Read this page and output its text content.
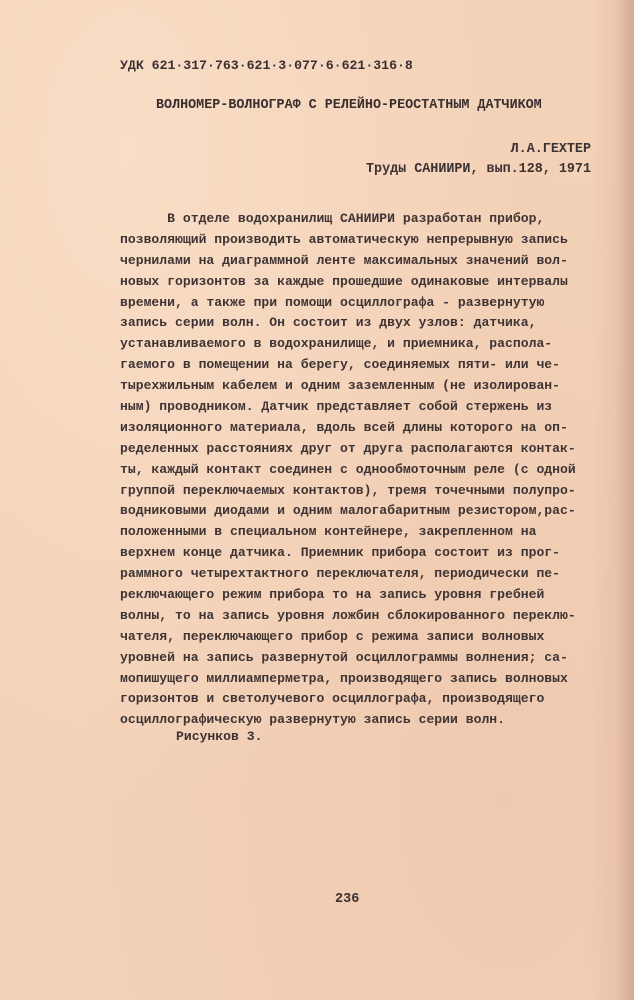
УДК 621·317·763·621·3·077·6·621·316·8
ВОЛНОМЕР-ВОЛНОГРАФ С РЕЛЕЙНО-РЕОСТАТНЫМ ДАТЧИКОМ
Л.А.ГЕХТЕР
Труды САНИИРИ, вып.128, 1971
В отделе водохранилищ САНИИРИ разработан прибор,
позволяющий производить автоматическую непрерывную запись
чернилами на диаграммной ленте максимальных значений вол-
новых горизонтов за каждые прошедшие одинаковые интервалы
времени, а также при помощи осциллографа - развернутую
запись серии волн. Он состоит из двух узлов: датчика,
устанавливаемого в водохранилище, и приемника, распола-
гаемого в помещении на берегу, соединяемых пяти- или че-
тырехжильным кабелем и одним заземленным (не изолирован-
ным) проводником. Датчик представляет собой стержень из
изоляционного материала, вдоль всей длины которого на оп-
ределенных расстояниях друг от друга располагаются контак-
ты, каждый контакт соединен с однообмоточным реле (с одной
группой переключаемых контактов), тремя точечными полупро-
водниковыми диодами и одним малогабаритным резистором,рас-
положенными в специальном контейнере, закрепленном на
верхнем конце датчика. Приемник прибора состоит из прог-
раммного четырехтактного переключателя, периодически пе-
реключающего режим прибора то на запись уровня гребней
волны, то на запись уровня ложбин сблокированного переклю-
чателя, переключающего прибор с режима записи волновых
уровней на запись развернутой осциллограммы волнения; са-
мопишущего миллиамперметра, производящего запись волновых
горизонтов и светолучевого осциллографа, производящего
осциллографическую развернутую запись серии волн.
Рисунков 3.
236
